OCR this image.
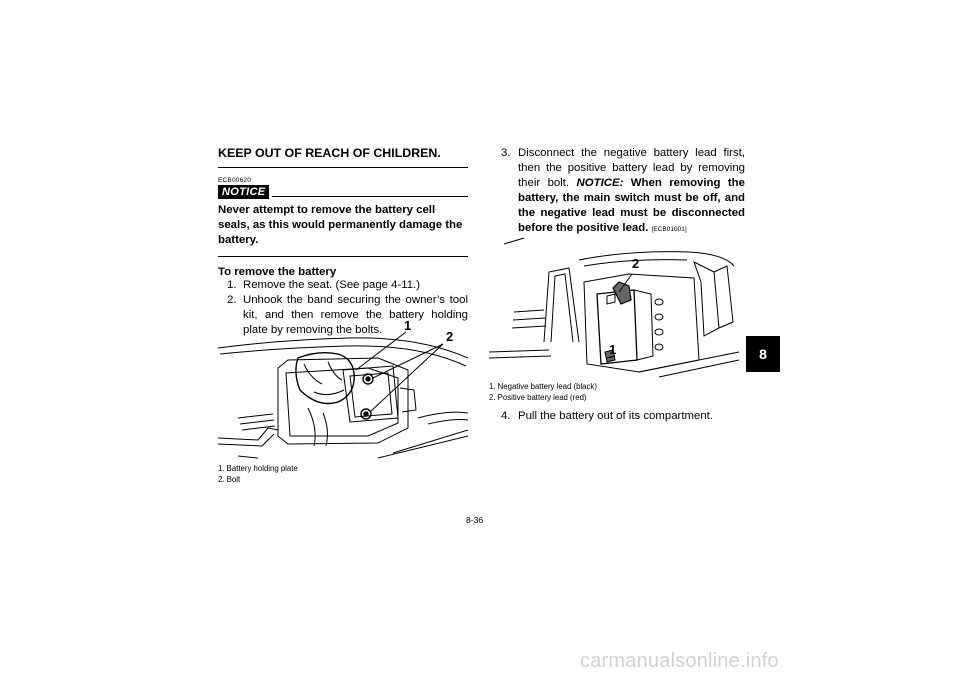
KEEP OUT OF REACH OF CHILDREN.

ECB00620
NOTICE
Never attempt to remove the battery cell seals, as this would permanently damage the battery.
To remove the battery
1. Remove the seat. (See page 4-11.)
2. Unhook the band securing the owner’s tool kit, and then remove the battery holding plate by removing the bolts.	1
2
1. Battery holding plate
2. Bolt
3. Disconnect the negative battery lead first, then the positive battery lead by removing their bolt. NOTICE: When removing the battery, the main switch must be off, and the negative lead must be disconnected before the positive lead. [ECB01001]
2
1
1. Negative battery lead (black)
2. Positive battery lead (red)
4. Pull the battery out of its compartment.
8-36
8
carmanualsonline.info
